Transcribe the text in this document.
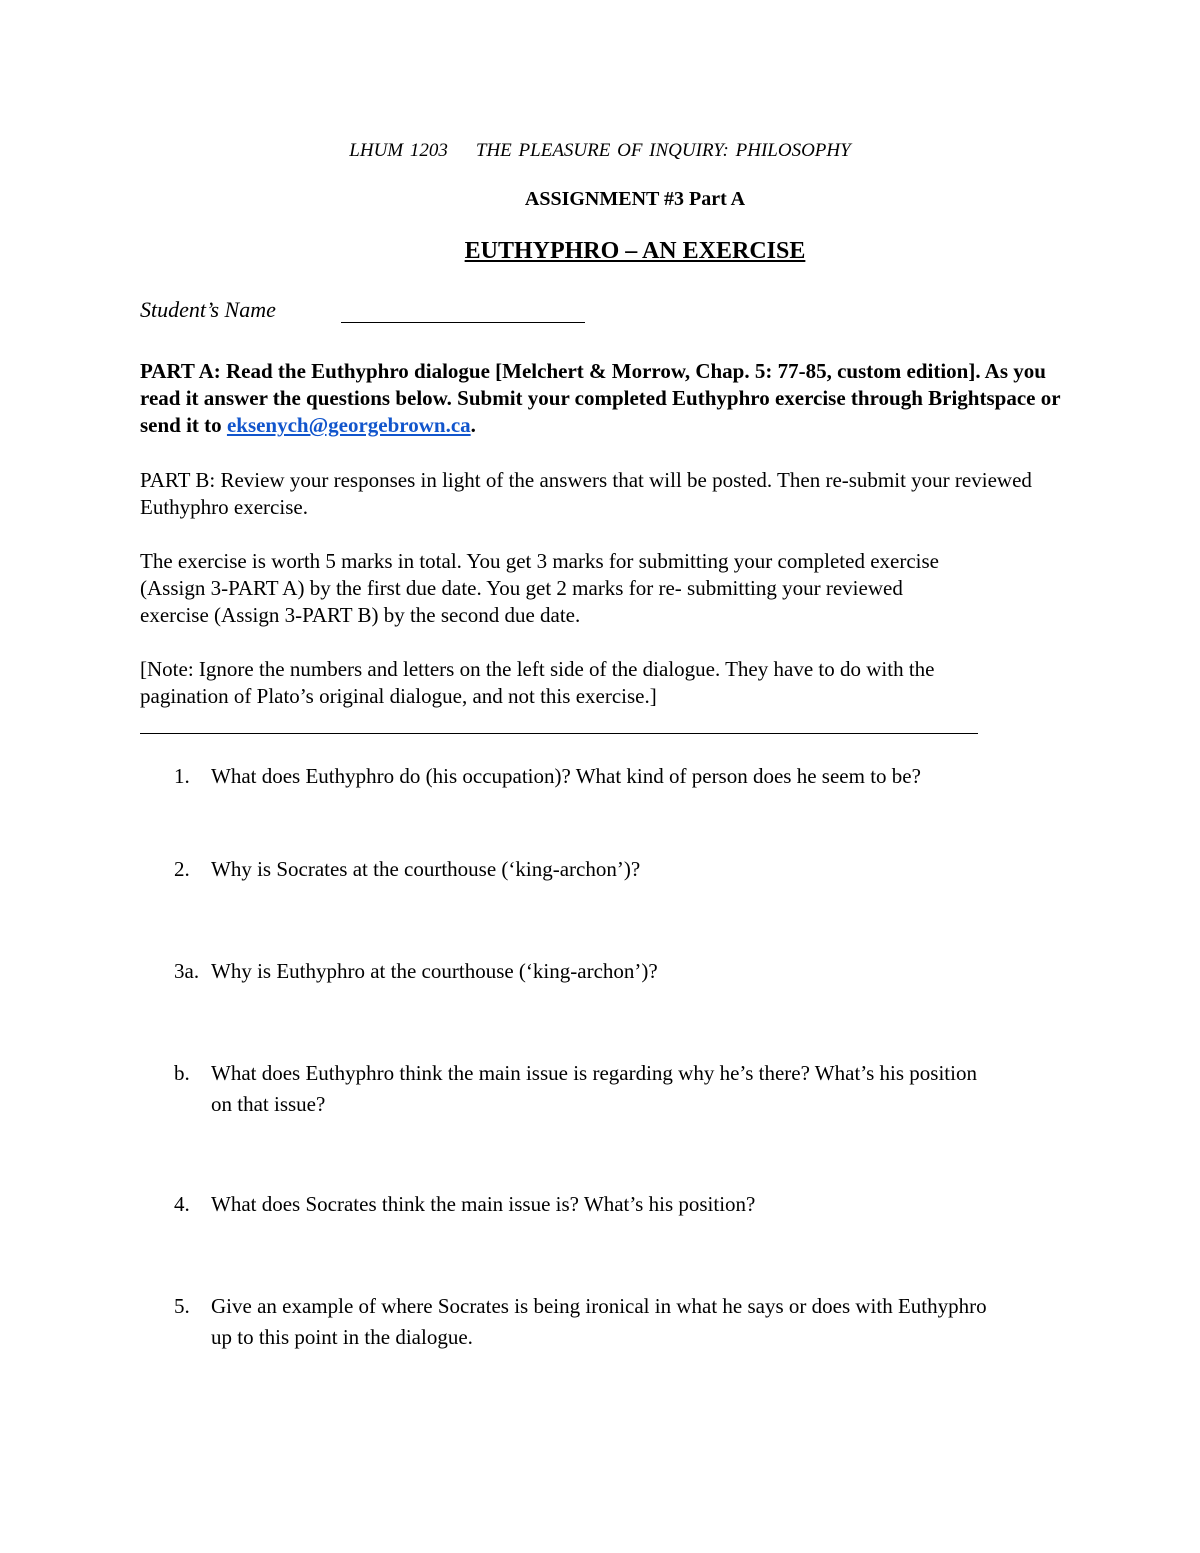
LHUM 1203 THE PLEASURE OF INQUIRY: PHILOSOPHY
ASSIGNMENT #3 Part A
EUTHYPHRO – AN EXERCISE
Student’s Name

PART A: Read the Euthyphro dialogue [Melchert & Morrow, Chap. 5: 77-85, custom edition]. As you read it answer the questions below. Submit your completed Euthyphro exercise through Brightspace or send it to eksenych@georgebrown.ca.

PART B: Review your responses in light of the answers that will be posted. Then re-submit your reviewed Euthyphro exercise.

The exercise is worth 5 marks in total. You get 3 marks for submitting your completed exercise
(Assign 3-PART A) by the first due date. You get 2 marks for re- submitting your reviewed
exercise (Assign 3-PART B) by the second due date.
[Note: Ignore the numbers and letters on the left side of the dialogue. They have to do with the
pagination of Plato’s original dialogue, and not this exercise.]
1. What does Euthyphro do (his occupation)? What kind of person does he seem to be?
2. Why is Socrates at the courthouse (‘king-archon’)?
3a. Why is Euthyphro at the courthouse (‘king-archon’)?
b. What does Euthyphro think the main issue is regarding why he’s there? What’s his position on that issue?
4. What does Socrates think the main issue is? What’s his position?
5. Give an example of where Socrates is being ironical in what he says or does with Euthyphro up to this point in the dialogue.
